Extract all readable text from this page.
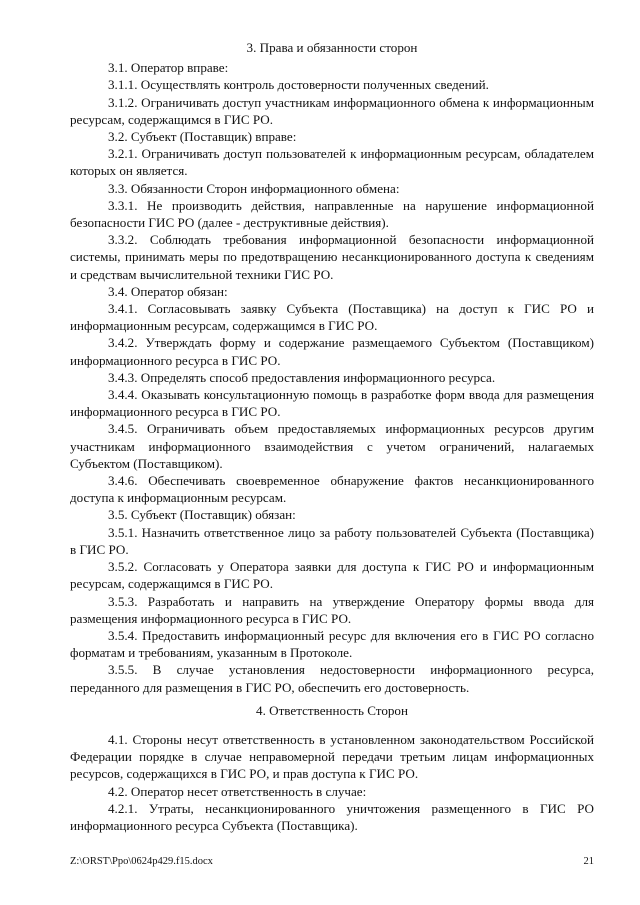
3. Права и обязанности сторон

3.1. Оператор вправе:

3.1.1. Осуществлять контроль достоверности полученных сведений.

3.1.2. Ограничивать доступ участникам информационного обмена к информационным ресурсам, содержащимся в ГИС РО.

3.2. Субъект (Поставщик) вправе:

3.2.1. Ограничивать доступ пользователей к информационным ресурсам, обладателем которых он является.

3.3. Обязанности Сторон информационного обмена:

3.3.1. Не производить действия, направленные на нарушение информационной безопасности ГИС РО (далее - деструктивные действия).

3.3.2. Соблюдать требования информационной безопасности информационной системы, принимать меры по предотвращению несанкционированного доступа к сведениям и средствам вычислительной техники ГИС РО.

3.4. Оператор обязан:

3.4.1. Согласовывать заявку Субъекта (Поставщика) на доступ к ГИС РО и информационным ресурсам, содержащимся в ГИС РО.

3.4.2. Утверждать форму и содержание размещаемого Субъектом (Поставщиком) информационного ресурса в ГИС РО.

3.4.3. Определять способ предоставления информационного ресурса.

3.4.4. Оказывать консультационную помощь в разработке форм ввода для размещения информационного ресурса в ГИС РО.

3.4.5. Ограничивать объем предоставляемых информационных ресурсов другим участникам информационного взаимодействия с учетом ограничений, налагаемых Субъектом (Поставщиком).

3.4.6. Обеспечивать своевременное обнаружение фактов несанкционированного доступа к информационным ресурсам.

3.5. Субъект (Поставщик) обязан:

3.5.1. Назначить ответственное лицо за работу пользователей Субъекта (Поставщика) в ГИС РО.

3.5.2. Согласовать у Оператора заявки для доступа к ГИС РО и информационным ресурсам, содержащимся в ГИС РО.

3.5.3. Разработать и направить на утверждение Оператору формы ввода для размещения информационного ресурса в ГИС РО.

3.5.4. Предоставить информационный ресурс для включения его в ГИС РО согласно форматам и требованиям, указанным в Протоколе.

3.5.5. В случае установления недостоверности информационного ресурса, переданного для размещения в ГИС РО, обеспечить его достоверность.

4. Ответственность Сторон

4.1. Стороны несут ответственность в установленном законодательством Российской Федерации порядке в случае неправомерной передачи третьим лицам информационных ресурсов, содержащихся в ГИС РО, и прав доступа к ГИС РО.

4.2. Оператор несет ответственность в случае:

4.2.1. Утраты, несанкционированного уничтожения размещенного в ГИС РО информационного ресурса Субъекта (Поставщика).

Z:\ORST\Ppo\0624p429.f15.docx	21
